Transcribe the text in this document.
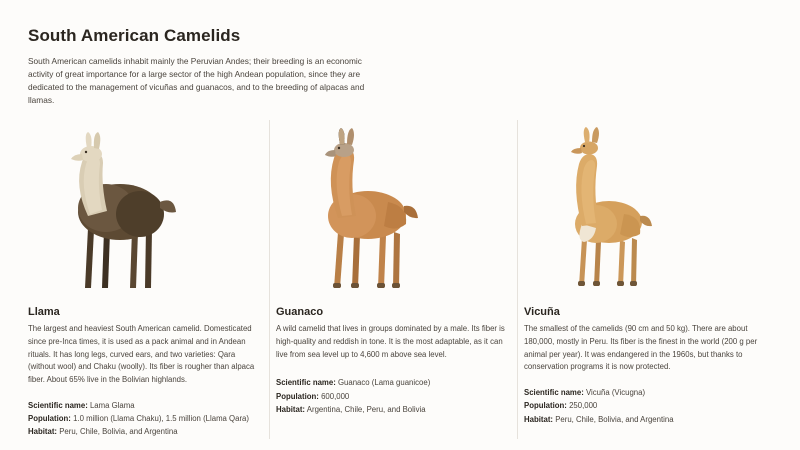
South American Camelids

South American camelids inhabit mainly the Peruvian Andes; their breeding is an economic activity of great importance for a large sector of the high Andean population, since they are dedicated to the management of vicuñas and guanacos, and to the breeding of alpacas and llamas.

Llama

The largest and heaviest South American camelid. Domesticated since pre-Inca times, it is used as a pack animal and in Andean rituals. It has long legs, curved ears, and two varieties: Qara (without wool) and Chaku (woolly). Its fiber is rougher than alpaca fiber. About 65% live in the Bolivian highlands.

Scientific name: Lama Glama
Population: 1.0 million (Llama Chaku), 1.5 million (Llama Qara)
Habitat: Peru, Chile, Bolivia, and Argentina
Guanaco

A wild camelid that lives in groups dominated by a male. Its fiber is high-quality and reddish in tone. It is the most adaptable, as it can live from sea level up to 4,600 m above sea level.

Scientific name: Guanaco (Lama guanicoe)
Population: 600,000
Habitat: Argentina, Chile, Peru, and Bolivia
Vicuña

The smallest of the camelids (90 cm and 50 kg). There are about 180,000, mostly in Peru. Its fiber is the finest in the world (200 g per animal per year). It was endangered in the 1960s, but thanks to conservation programs it is now protected.

Scientific name: Vicuña (Vicugna)
Population: 250,000
Habitat: Peru, Chile, Bolivia, and Argentina
